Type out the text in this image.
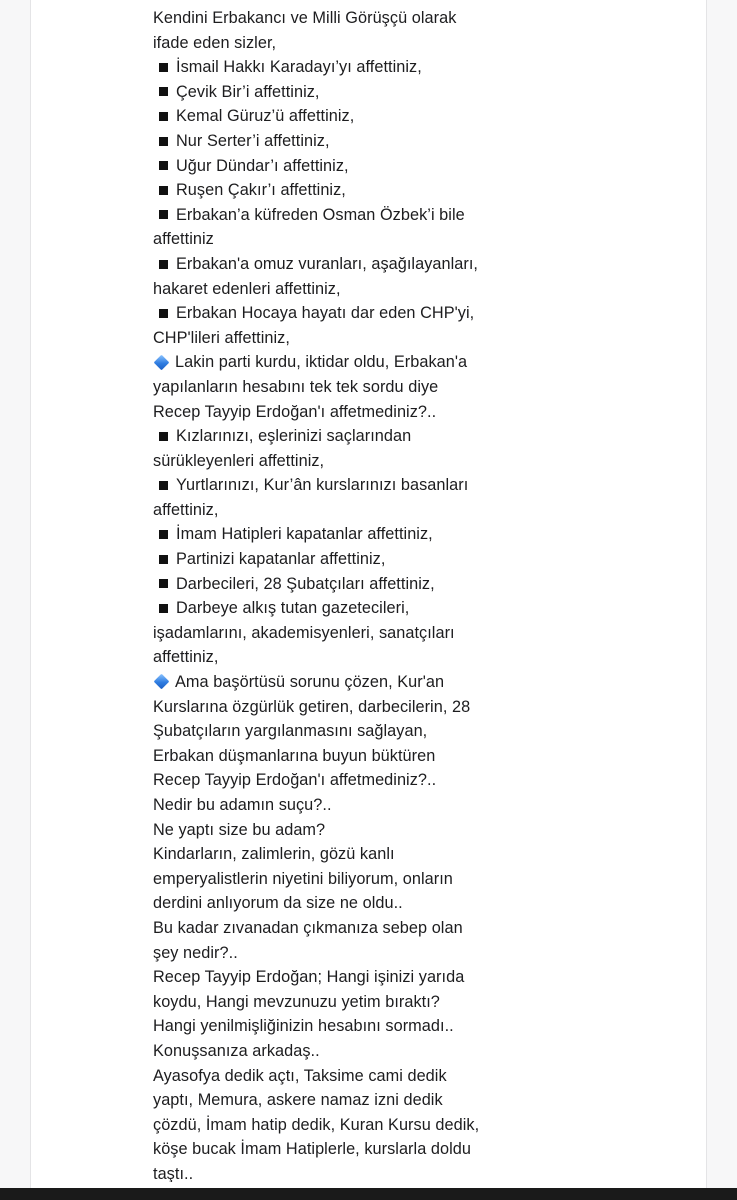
Kendini Erbakancı ve Milli Görüşçü olarak
ifade eden sizler,
İsmail Hakkı Karadayı’yı affettiniz,
Çevik Bir’i affettiniz,
Kemal Güruz’ü affettiniz,
Nur Serter’i affettiniz,
Uğur Dündar’ı affettiniz,
Ruşen Çakır’ı affettiniz,
Erbakan’a küfreden Osman Özbek’i bile
affettiniz
Erbakan'a omuz vuranları, aşağılayanları,
hakaret edenleri affettiniz,
Erbakan Hocaya hayatı dar eden CHP'yi,
CHP'lileri affettiniz,
Lakin parti kurdu, iktidar oldu, Erbakan'a
yapılanların hesabını tek tek sordu diye
Recep Tayyip Erdoğan'ı affetmediniz?..
Kızlarınızı, eşlerinizi saçlarından
sürükleyenleri affettiniz,
Yurtlarınızı, Kur’ân kurslarınızı basanları
affettiniz,
İmam Hatipleri kapatanlar affettiniz,
Partinizi kapatanlar affettiniz,
Darbecileri, 28 Şubatçıları affettiniz,
Darbeye alkış tutan gazetecileri,
işadamlarını, akademisyenleri, sanatçıları
affettiniz,
Ama başörtüsü sorunu çözen, Kur'an
Kurslarına özgürlük getiren, darbecilerin, 28
Şubatçıların yargılanmasını sağlayan,
Erbakan düşmanlarına buyun büktüren
Recep Tayyip Erdoğan'ı affetmediniz?..
Nedir bu adamın suçu?..
Ne yaptı size bu adam?
Kindarların, zalimlerin, gözü kanlı
emperyalistlerin niyetini biliyorum, onların
derdini anlıyorum da size ne oldu..
Bu kadar zıvanadan çıkmanıza sebep olan
şey nedir?..
Recep Tayyip Erdoğan; Hangi işinizi yarıda
koydu, Hangi mevzunuzu yetim bıraktı?
Hangi yenilmişliğinizin hesabını sormadı..
Konuşsanıza arkadaş..
Ayasofya dedik açtı, Taksime cami dedik
yaptı, Memura, askere namaz izni dedik
çözdü, İmam hatip dedik, Kuran Kursu dedik,
köşe bucak İmam Hatiplerle, kurslarla doldu
taştı..
